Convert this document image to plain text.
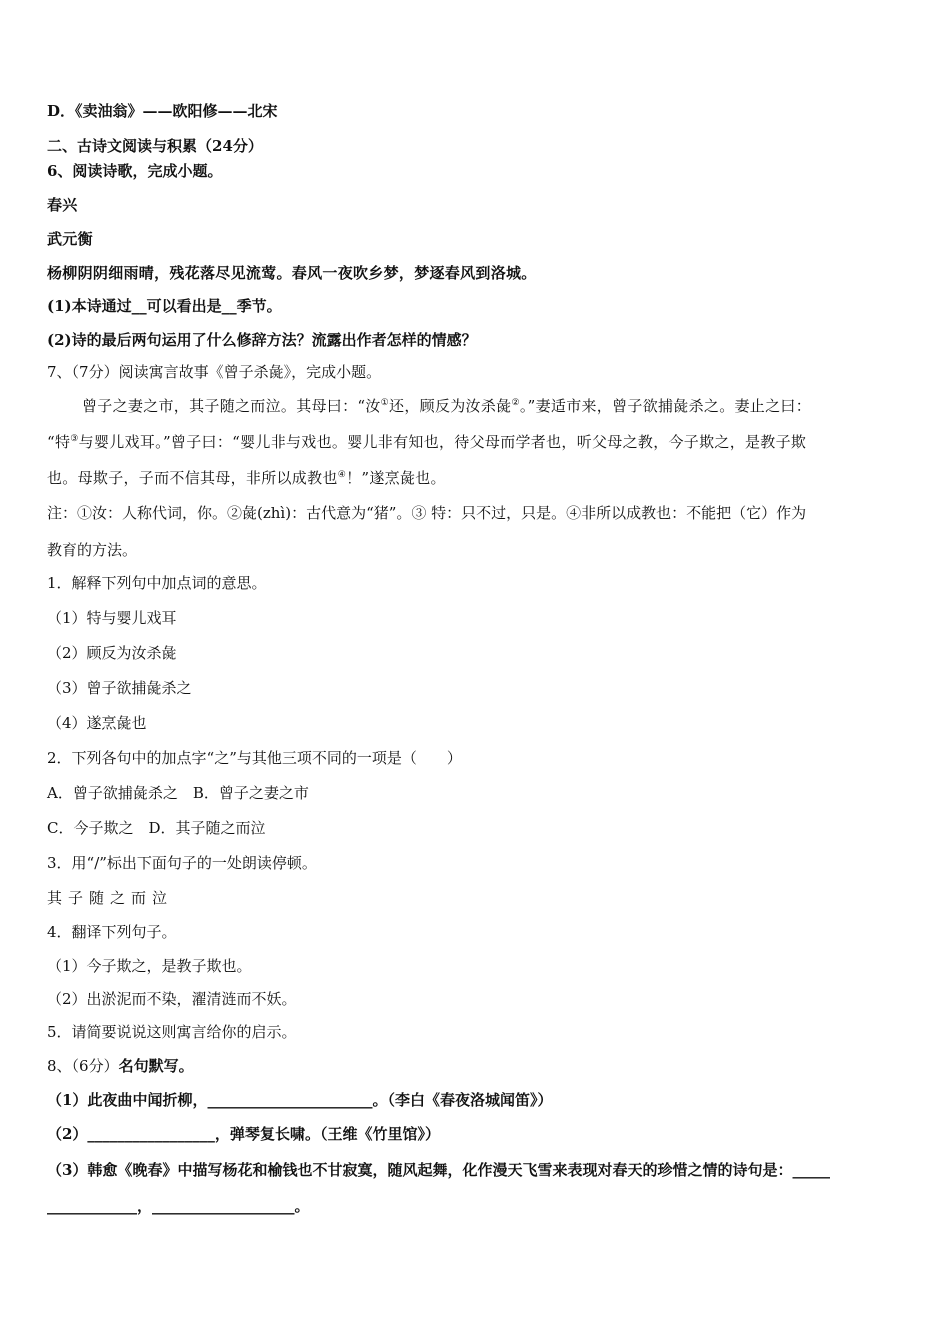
D．《卖油翁》——欧阳修——北宋
二、古诗文阅读与积累（24分）
6、阅读诗歌，完成小题。
春兴
武元衡
杨柳阴阴细雨晴，残花落尽见流莺。春风一夜吹乡梦，梦逐春风到洛城。
(1)本诗通过__可以看出是__季节。
(2)诗的最后两句运用了什么修辞方法？流露出作者怎样的情感？
7、（7分）阅读寓言故事《曾子杀彘》，完成小题。
曾子之妻之市，其子随之而泣。其母曰：“汝①还，顾反为汝杀彘②。”妻适市来，曾子欲捕彘杀之。妻止之曰：
“特③与婴儿戏耳。”曾子曰：“婴儿非与戏也。婴儿非有知也，待父母而学者也，听父母之教，今子欺之，是教子欺
也。母欺子，子而不信其母，非所以成教也④！”遂烹彘也。
注：①汝：人称代词，你。②彘(zhì)：古代意为“猪”。③ 特：只不过，只是。④非所以成教也：不能把（它）作为
教育的方法。
1．解释下列句中加点词的意思。
（1）特与婴儿戏耳
（2）顾反为汝杀彘
（3）曾子欲捕彘杀之
（4）遂烹彘也
2．下列各句中的加点字“之”与其他三项不同的一项是（　　）
A．曾子欲捕彘杀之　B．曾子之妻之市
C．今子欺之　D．其子随之而泣
3．用“/”标出下面句子的一处朗读停顿。
其子随之而泣
4．翻译下列句子。
（1）今子欺之，是教子欺也。
（2）出淤泥而不染，濯清涟而不妖。
5．请简要说说这则寓言给你的启示。
8、（6分）名句默写。
（1）此夜曲中闻折柳，______________________。（李白《春夜洛城闻笛》）
（2）_________________，弹琴复长啸。（王维《竹里馆》）
（3）韩愈《晚春》中描写杨花和榆钱也不甘寂寞，随风起舞，化作漫天飞雪来表现对春天的珍惜之情的诗句是：_____
____________，___________________。
